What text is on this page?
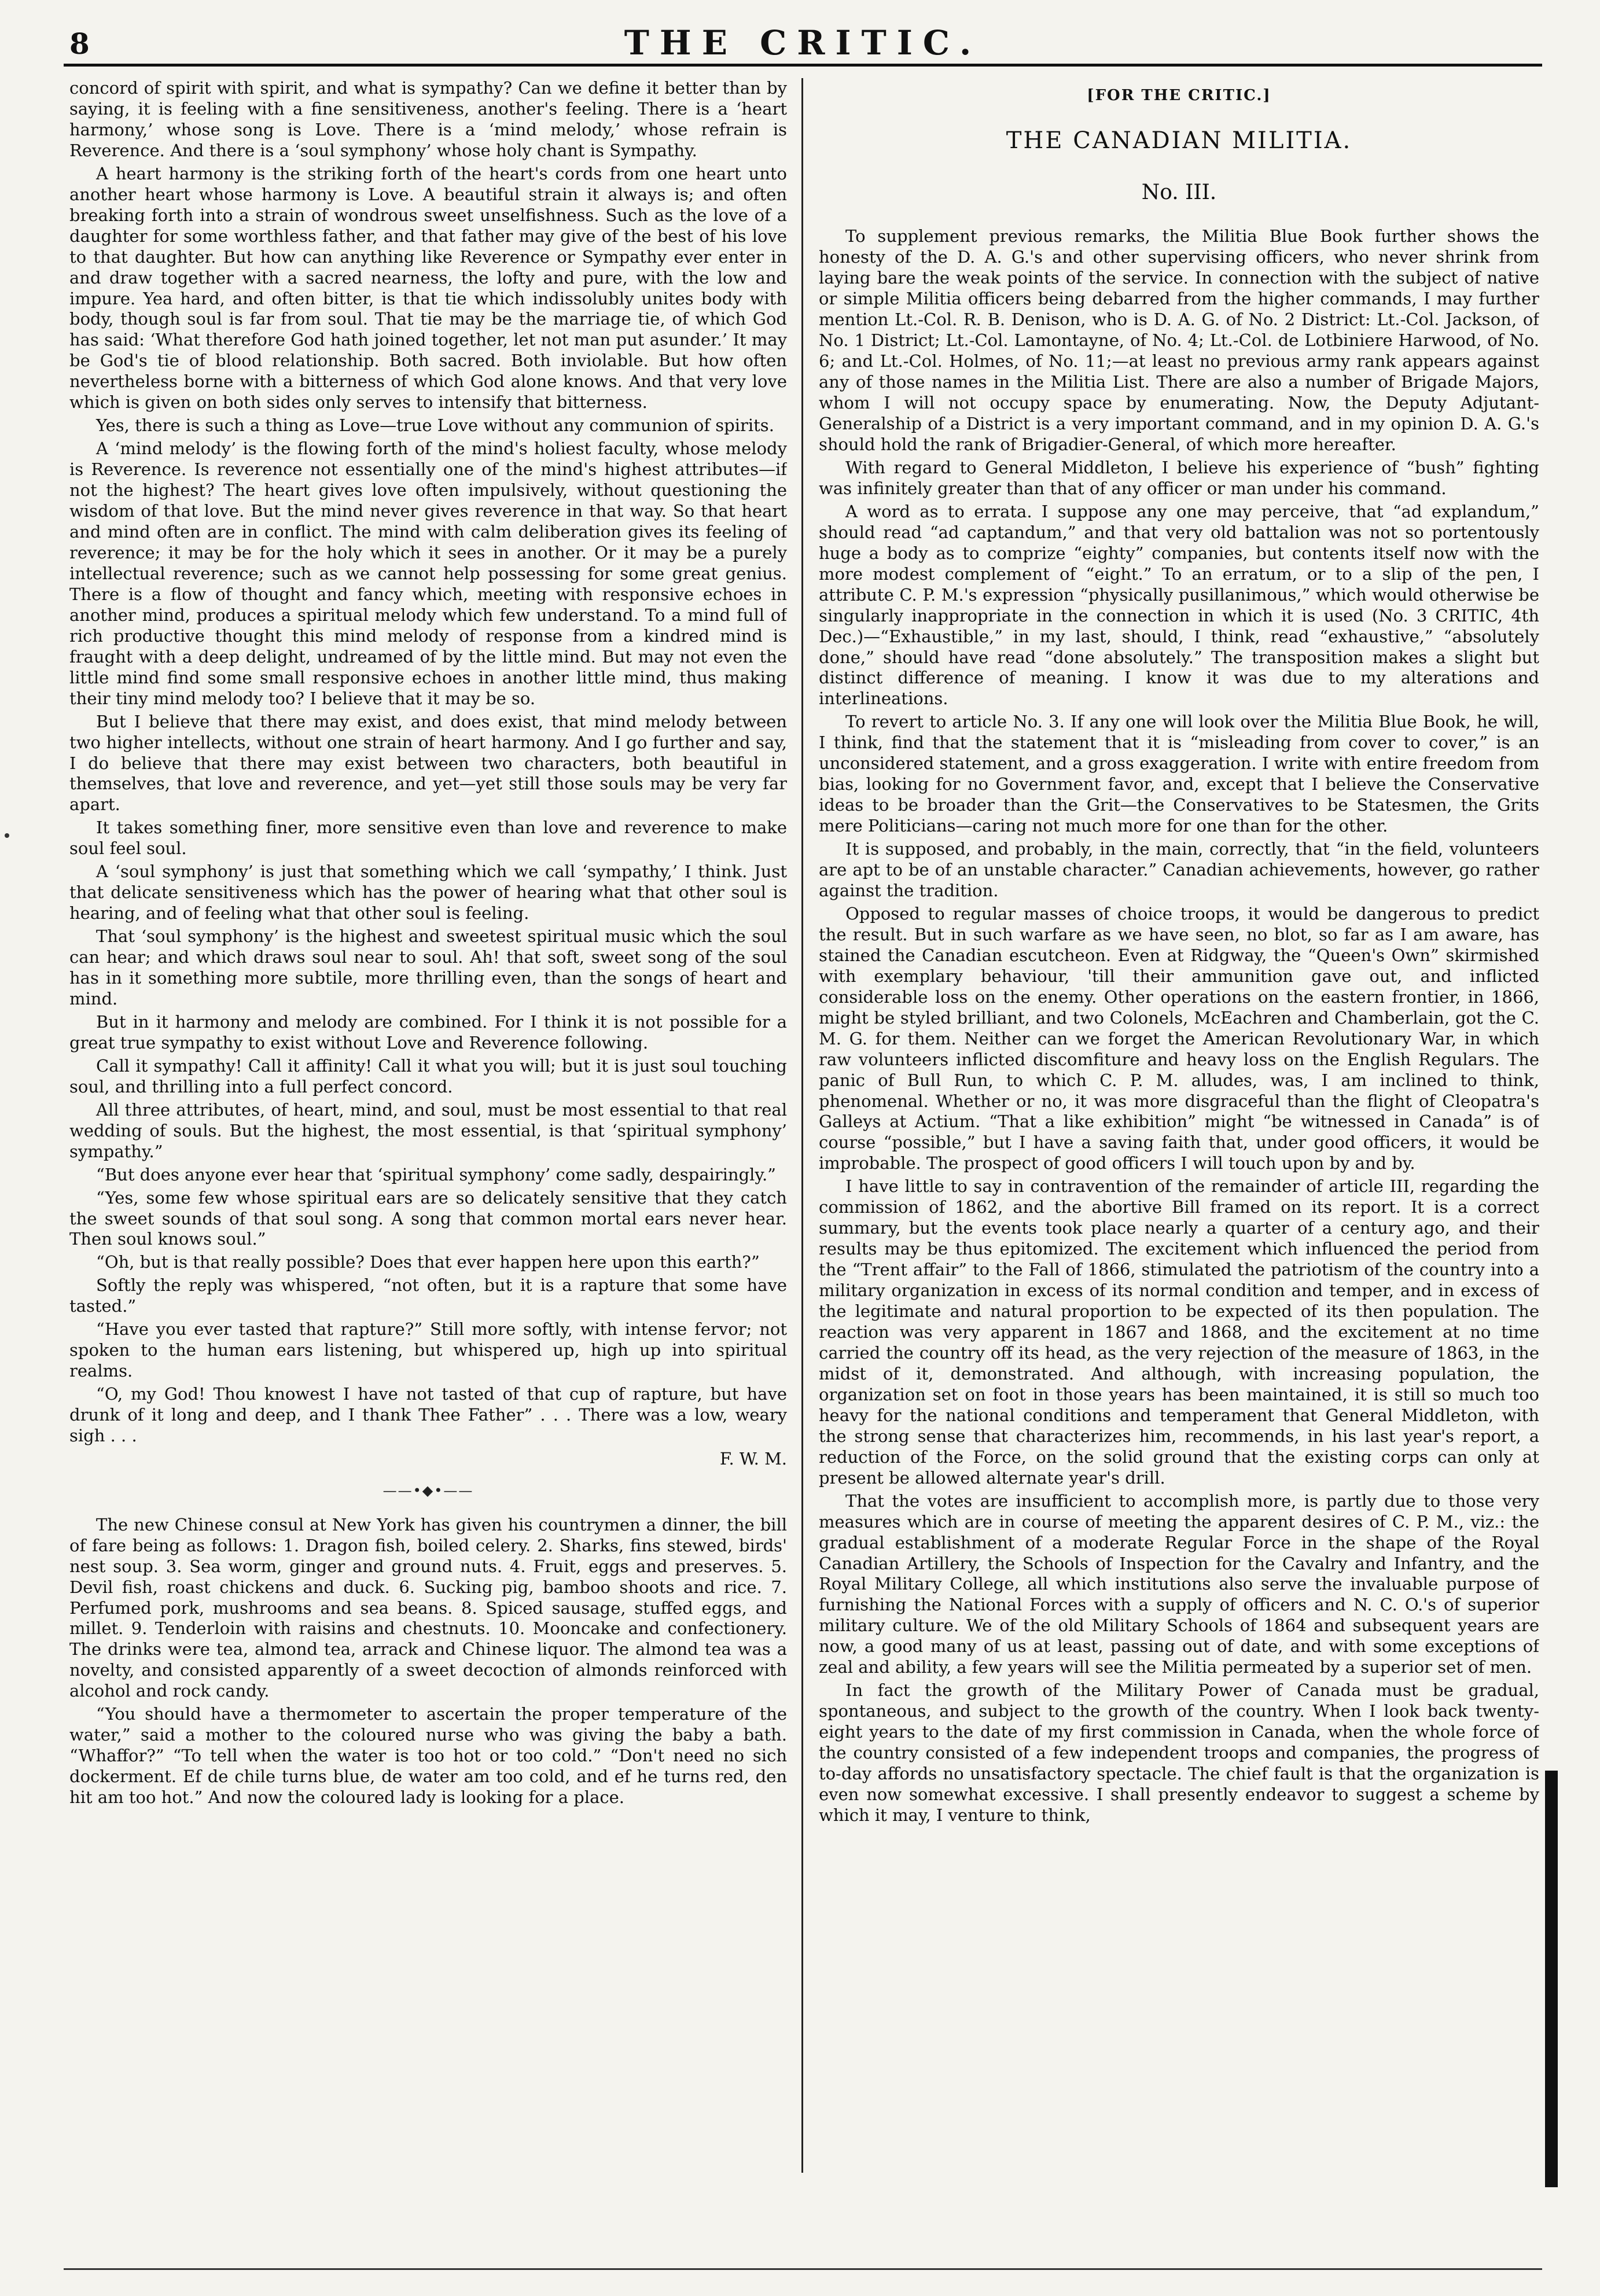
8	THE CRITIC.

concord of spirit with spirit, and what is sympathy? Can we define it better than by saying, it is feeling with a fine sensitiveness, another's feeling. There is a ‘heart harmony,’ whose song is Love. There is a ‘mind melody,’ whose refrain is Reverence. And there is a ‘soul symphony’ whose holy chant is Sympathy.

A heart harmony is the striking forth of the heart's cords from one heart unto another heart whose harmony is Love. A beautiful strain it always is; and often breaking forth into a strain of wondrous sweet unselfishness. Such as the love of a daughter for some worthless father, and that father may give of the best of his love to that daughter. But how can anything like Reverence or Sympathy ever enter in and draw together with a sacred nearness, the lofty and pure, with the low and impure. Yea hard, and often bitter, is that tie which indissolubly unites body with body, though soul is far from soul. That tie may be the marriage tie, of which God has said: ‘What therefore God hath joined together, let not man put asunder.’ It may be God's tie of blood relationship. Both sacred. Both inviolable. But how often nevertheless borne with a bitterness of which God alone knows. And that very love which is given on both sides only serves to intensify that bitterness.

Yes, there is such a thing as Love—true Love without any communion of spirits.

A ‘mind melody’ is the flowing forth of the mind's holiest faculty, whose melody is Reverence. Is reverence not essentially one of the mind's highest attributes—if not the highest? The heart gives love often impulsively, without questioning the wisdom of that love. But the mind never gives reverence in that way. So that heart and mind often are in conflict. The mind with calm deliberation gives its feeling of reverence; it may be for the holy which it sees in another. Or it may be a purely intellectual reverence; such as we cannot help possessing for some great genius. There is a flow of thought and fancy which, meeting with responsive echoes in another mind, produces a spiritual melody which few understand. To a mind full of rich productive thought this mind melody of response from a kindred mind is fraught with a deep delight, undreamed of by the little mind. But may not even the little mind find some small responsive echoes in another little mind, thus making their tiny mind melody too? I believe that it may be so.

But I believe that there may exist, and does exist, that mind melody between two higher intellects, without one strain of heart harmony. And I go further and say, I do believe that there may exist between two characters, both beautiful in themselves, that love and reverence, and yet—yet still those souls may be very far apart.

It takes something finer, more sensitive even than love and reverence to make soul feel soul.

A ‘soul symphony’ is just that something which we call ‘sympathy,’ I think. Just that delicate sensitiveness which has the power of hearing what that other soul is hearing, and of feeling what that other soul is feeling.

That ‘soul symphony’ is the highest and sweetest spiritual music which the soul can hear; and which draws soul near to soul. Ah! that soft, sweet song of the soul has in it something more subtile, more thrilling even, than the songs of heart and mind.

But in it harmony and melody are combined. For I think it is not possible for a great true sympathy to exist without Love and Reverence following.

Call it sympathy! Call it affinity! Call it what you will; but it is just soul touching soul, and thrilling into a full perfect concord.

All three attributes, of heart, mind, and soul, must be most essential to that real wedding of souls. But the highest, the most essential, is that ‘spiritual symphony’ sympathy.”

“But does anyone ever hear that ‘spiritual symphony’ come sadly, despairingly.”

“Yes, some few whose spiritual ears are so delicately sensitive that they catch the sweet sounds of that soul song. A song that common mortal ears never hear. Then soul knows soul.”

“Oh, but is that really possible? Does that ever happen here upon this earth?”

Softly the reply was whispered, “not often, but it is a rapture that some have tasted.”

“Have you ever tasted that rapture?” Still more softly, with intense fervor; not spoken to the human ears listening, but whispered up, high up into spiritual realms.

“O, my God! Thou knowest I have not tasted of that cup of rapture, but have drunk of it long and deep, and I thank Thee Father” . . . There was a low, weary sigh . . .

F. W. M.

——•◆•——

The new Chinese consul at New York has given his countrymen a dinner, the bill of fare being as follows: 1. Dragon fish, boiled celery. 2. Sharks, fins stewed, birds' nest soup. 3. Sea worm, ginger and ground nuts. 4. Fruit, eggs and preserves. 5. Devil fish, roast chickens and duck. 6. Sucking pig, bamboo shoots and rice. 7. Perfumed pork, mushrooms and sea beans. 8. Spiced sausage, stuffed eggs, and millet. 9. Tenderloin with raisins and chestnuts. 10. Mooncake and confectionery. The drinks were tea, almond tea, arrack and Chinese liquor. The almond tea was a novelty, and consisted apparently of a sweet decoction of almonds reinforced with alcohol and rock candy.

“You should have a thermometer to ascertain the proper temperature of the water,” said a mother to the coloured nurse who was giving the baby a bath. “Whaffor?” “To tell when the water is too hot or too cold.” “Don't need no sich dockerment. Ef de chile turns blue, de water am too cold, and ef he turns red, den hit am too hot.” And now the coloured lady is looking for a place.

[FOR THE CRITIC.]
THE CANADIAN MILITIA.
No. III.

To supplement previous remarks, the Militia Blue Book further shows the honesty of the D. A. G.'s and other supervising officers, who never shrink from laying bare the weak points of the service. In connection with the subject of native or simple Militia officers being debarred from the higher commands, I may further mention Lt.-Col. R. B. Denison, who is D. A. G. of No. 2 District: Lt.-Col. Jackson, of No. 1 District; Lt.-Col. Lamontayne, of No. 4; Lt.-Col. de Lotbiniere Harwood, of No. 6; and Lt.-Col. Holmes, of No. 11;—at least no previous army rank appears against any of those names in the Militia List. There are also a number of Brigade Majors, whom I will not occupy space by enumerating. Now, the Deputy Adjutant-Generalship of a District is a very important command, and in my opinion D. A. G.'s should hold the rank of Brigadier-General, of which more hereafter.

With regard to General Middleton, I believe his experience of “bush” fighting was infinitely greater than that of any officer or man under his command.

A word as to errata. I suppose any one may perceive, that “ad explandum,” should read “ad captandum,” and that very old battalion was not so portentously huge a body as to comprize “eighty” companies, but contents itself now with the more modest complement of “eight.” To an erratum, or to a slip of the pen, I attribute C. P. M.'s expression “physically pusillanimous,” which would otherwise be singularly inappropriate in the connection in which it is used (No. 3 CRITIC, 4th Dec.)—“Exhaustible,” in my last, should, I think, read “exhaustive,” “absolutely done,” should have read “done absolutely.” The transposition makes a slight but distinct difference of meaning. I know it was due to my alterations and interlineations.

To revert to article No. 3. If any one will look over the Militia Blue Book, he will, I think, find that the statement that it is “misleading from cover to cover,” is an unconsidered statement, and a gross exaggeration. I write with entire freedom from bias, looking for no Government favor, and, except that I believe the Conservative ideas to be broader than the Grit—the Conservatives to be Statesmen, the Grits mere Politicians—caring not much more for one than for the other.

It is supposed, and probably, in the main, correctly, that “in the field, volunteers are apt to be of an unstable character.” Canadian achievements, however, go rather against the tradition.

Opposed to regular masses of choice troops, it would be dangerous to predict the result. But in such warfare as we have seen, no blot, so far as I am aware, has stained the Canadian escutcheon. Even at Ridgway, the “Queen's Own” skirmished with exemplary behaviour, 'till their ammunition gave out, and inflicted considerable loss on the enemy. Other operations on the eastern frontier, in 1866, might be styled brilliant, and two Colonels, McEachren and Chamberlain, got the C. M. G. for them. Neither can we forget the American Revolutionary War, in which raw volunteers inflicted discomfiture and heavy loss on the English Regulars. The panic of Bull Run, to which C. P. M. alludes, was, I am inclined to think, phenomenal. Whether or no, it was more disgraceful than the flight of Cleopatra's Galleys at Actium. “That a like exhibition” might “be witnessed in Canada” is of course “possible,” but I have a saving faith that, under good officers, it would be improbable. The prospect of good officers I will touch upon by and by.

I have little to say in contravention of the remainder of article III, regarding the commission of 1862, and the abortive Bill framed on its report. It is a correct summary, but the events took place nearly a quarter of a century ago, and their results may be thus epitomized. The excitement which influenced the period from the “Trent affair” to the Fall of 1866, stimulated the patriotism of the country into a military organization in excess of its normal condition and temper, and in excess of the legitimate and natural proportion to be expected of its then population. The reaction was very apparent in 1867 and 1868, and the excitement at no time carried the country off its head, as the very rejection of the measure of 1863, in the midst of it, demonstrated. And although, with increasing population, the organization set on foot in those years has been maintained, it is still so much too heavy for the national conditions and temperament that General Middleton, with the strong sense that characterizes him, recommends, in his last year's report, a reduction of the Force, on the solid ground that the existing corps can only at present be allowed alternate year's drill.

That the votes are insufficient to accomplish more, is partly due to those very measures which are in course of meeting the apparent desires of C. P. M., viz.: the gradual establishment of a moderate Regular Force in the shape of the Royal Canadian Artillery, the Schools of Inspection for the Cavalry and Infantry, and the Royal Military College, all which institutions also serve the invaluable purpose of furnishing the National Forces with a supply of officers and N. C. O.'s of superior military culture. We of the old Military Schools of 1864 and subsequent years are now, a good many of us at least, passing out of date, and with some exceptions of zeal and ability, a few years will see the Militia permeated by a superior set of men.

In fact the growth of the Military Power of Canada must be gradual, spontaneous, and subject to the growth of the country. When I look back twenty-eight years to the date of my first commission in Canada, when the whole force of the country consisted of a few independent troops and companies, the progress of to-day affords no unsatisfactory spectacle. The chief fault is that the organization is even now somewhat excessive. I shall presently endeavor to suggest a scheme by which it may, I venture to think,
